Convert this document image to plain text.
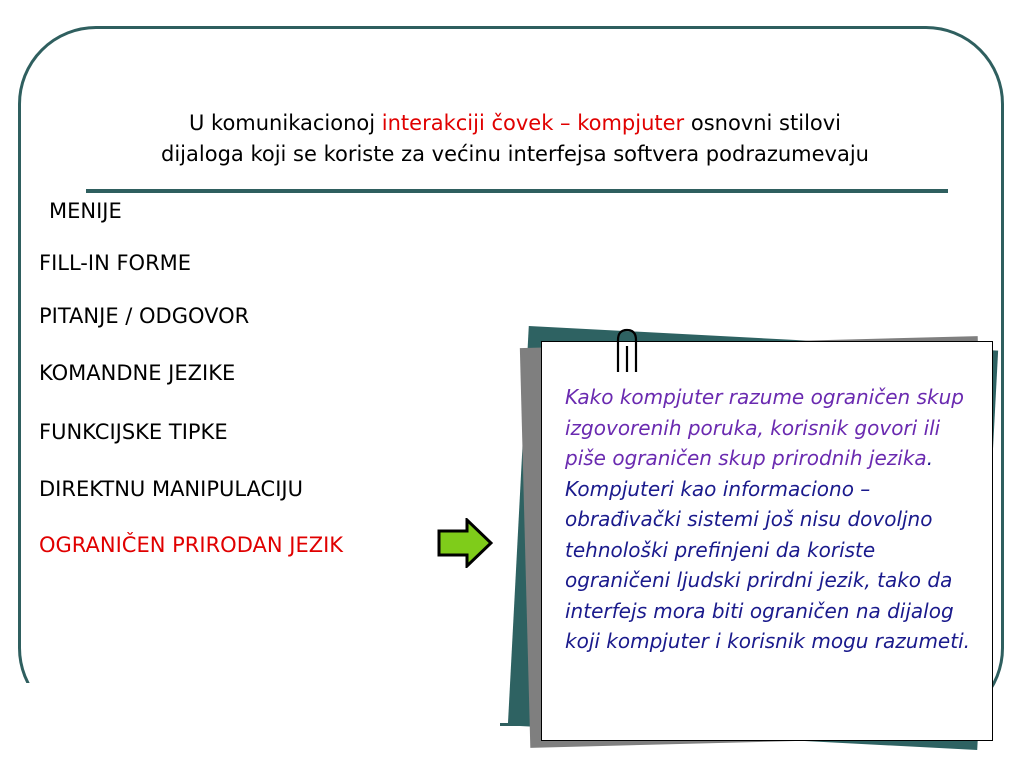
U komunikacionoj interakciji čovek – kompjuter osnovni stilovi
dijaloga koji se koriste za većinu interfejsa softvera podrazumevaju
MENIJE
FILL-IN FORME
PITANJE / ODGOVOR
KOMANDNE JEZIKE
FUNKCIJSKE TIPKE
DIREKTNU MANIPULACIJU
OGRANIČEN PRIRODAN JEZIK
Kako kompjuter razume ograničen skup izgovorenih poruka, korisnik govori ili piše ograničen skup prirodnih jezika. Kompjuteri kao informaciono – obrađivački sistemi još nisu dovoljno tehnološki prefinjeni da koriste ograničeni ljudski prirdni jezik, tako da interfejs mora biti ograničen na dijalog koji kompjuter i korisnik mogu razumeti.
